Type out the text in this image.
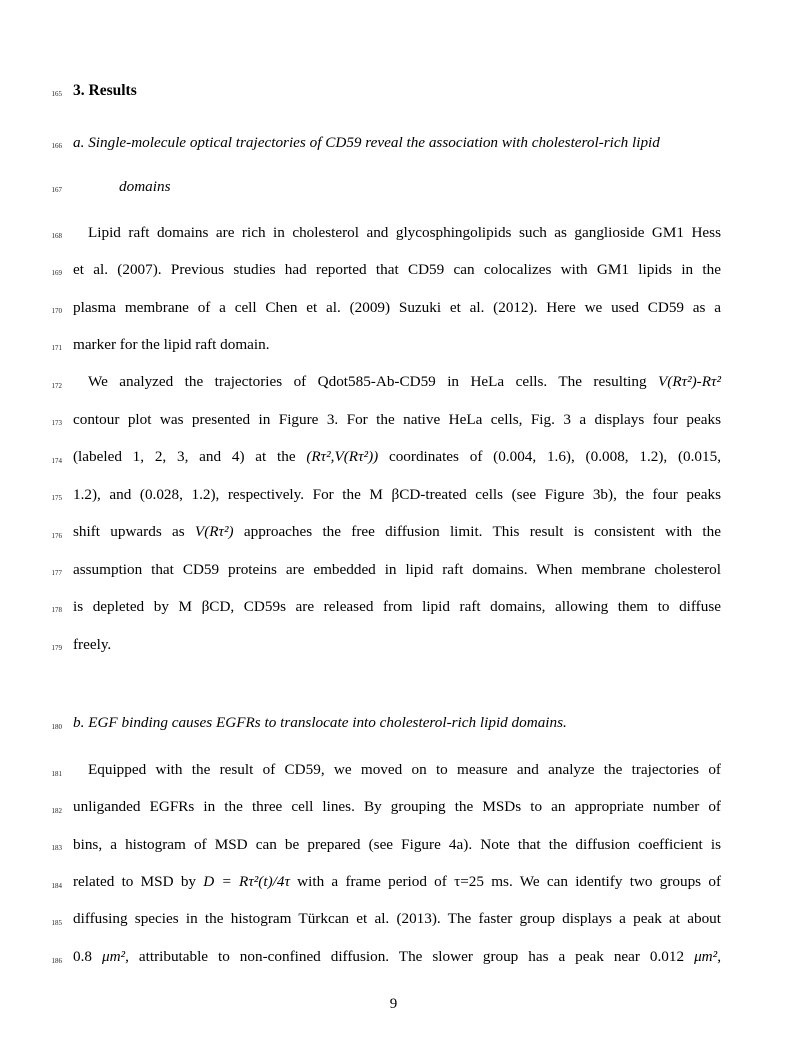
165 3. Results
166 a. Single-molecule optical trajectories of CD59 reveal the association with cholesterol-rich lipid
167	domains
168	Lipid raft domains are rich in cholesterol and glycosphingolipids such as ganglioside GM1 Hess
169 et al. (2007). Previous studies had reported that CD59 can colocalizes with GM1 lipids in the
170 plasma membrane of a cell Chen et al. (2009) Suzuki et al. (2012). Here we used CD59 as a
171 marker for the lipid raft domain.
172	We analyzed the trajectories of Qdot585-Ab-CD59 in HeLa cells. The resulting V(Rτ²)-Rτ²
173 contour plot was presented in Figure 3. For the native HeLa cells, Fig. 3 a displays four peaks
174 (labeled 1, 2, 3, and 4) at the (Rτ²,V(Rτ²)) coordinates of (0.004, 1.6), (0.008, 1.2), (0.015,
175 1.2), and (0.028, 1.2), respectively. For the M βCD-treated cells (see Figure 3b), the four peaks
176 shift upwards as V(Rτ²) approaches the free diffusion limit. This result is consistent with the
177 assumption that CD59 proteins are embedded in lipid raft domains. When membrane cholesterol
178 is depleted by M βCD, CD59s are released from lipid raft domains, allowing them to diffuse
179 freely.
180 b. EGF binding causes EGFRs to translocate into cholesterol-rich lipid domains.
181	Equipped with the result of CD59, we moved on to measure and analyze the trajectories of
182 unliganded EGFRs in the three cell lines. By grouping the MSDs to an appropriate number of
183 bins, a histogram of MSD can be prepared (see Figure 4a). Note that the diffusion coefficient is
184 related to MSD by D = Rτ²(t)/4τ with a frame period of τ=25 ms. We can identify two groups of
185 diffusing species in the histogram Türkcan et al. (2013). The faster group displays a peak at about
186 0.8 μm², attributable to non-confined diffusion. The slower group has a peak near 0.012 μm²,
9
